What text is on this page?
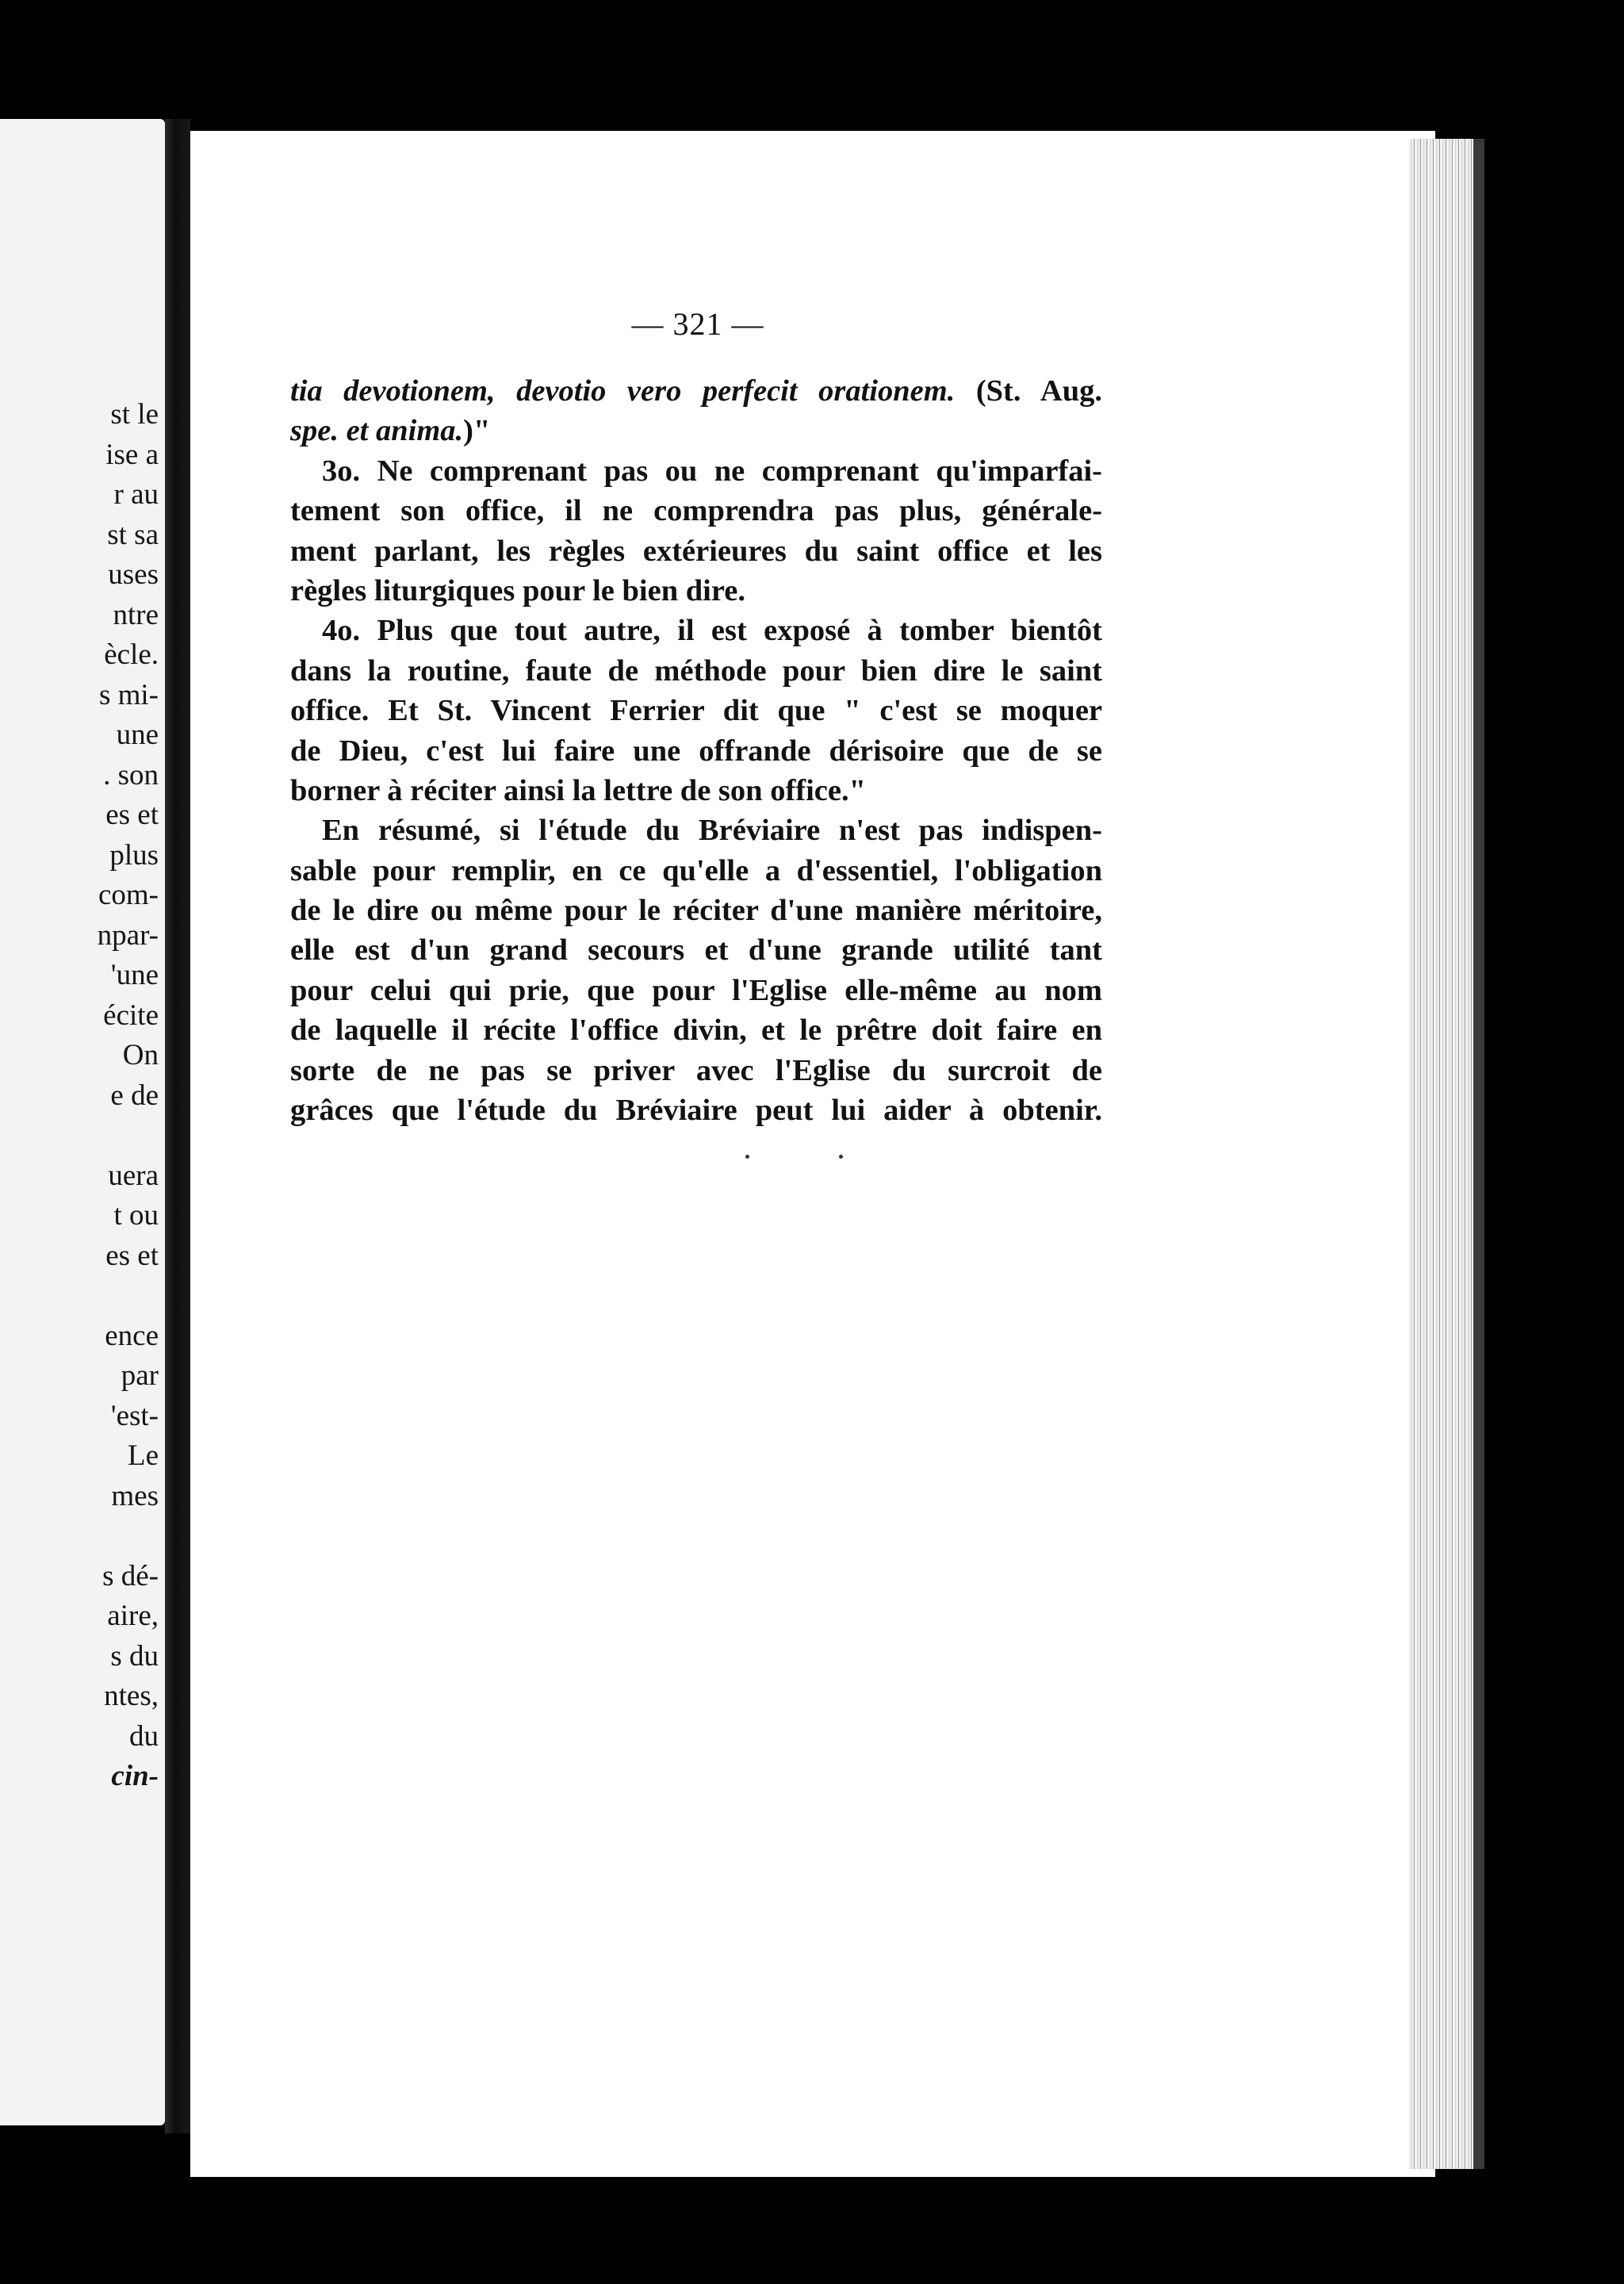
st le
ise a
r au
st sa
uses
ntre
ècle.
s mi-
une
. son
es et
plus
com-
npar-
'une
écite
On
e de
uera
t ou
es et
ence
par
'est-
Le
mes
s dé-
aire,
s du
ntes,
du
cin-
— 321 —
tia devotionem, devotio vero perfecit orationem. (St. Aug.
spe. et anima.)"
3o. Ne comprenant pas ou ne comprenant qu'imparfai-
tement son office, il ne comprendra pas plus, générale-
ment parlant, les règles extérieures du saint office et les
règles liturgiques pour le bien dire.
4o. Plus que tout autre, il est exposé à tomber bientôt
dans la routine, faute de méthode pour bien dire le saint
office. Et St. Vincent Ferrier dit que " c'est se moquer
de Dieu, c'est lui faire une offrande dérisoire que de se
borner à réciter ainsi la lettre de son office."
En résumé, si l'étude du Bréviaire n'est pas indispen-
sable pour remplir, en ce qu'elle a d'essentiel, l'obligation
de le dire ou même pour le réciter d'une manière méritoire,
elle est d'un grand secours et d'une grande utilité tant
pour celui qui prie, que pour l'Eglise elle-même au nom
de laquelle il récite l'office divin, et le prêtre doit faire en
sorte de ne pas se priver avec l'Eglise du surcroit de
grâces que l'étude du Bréviaire peut lui aider à obtenir.
